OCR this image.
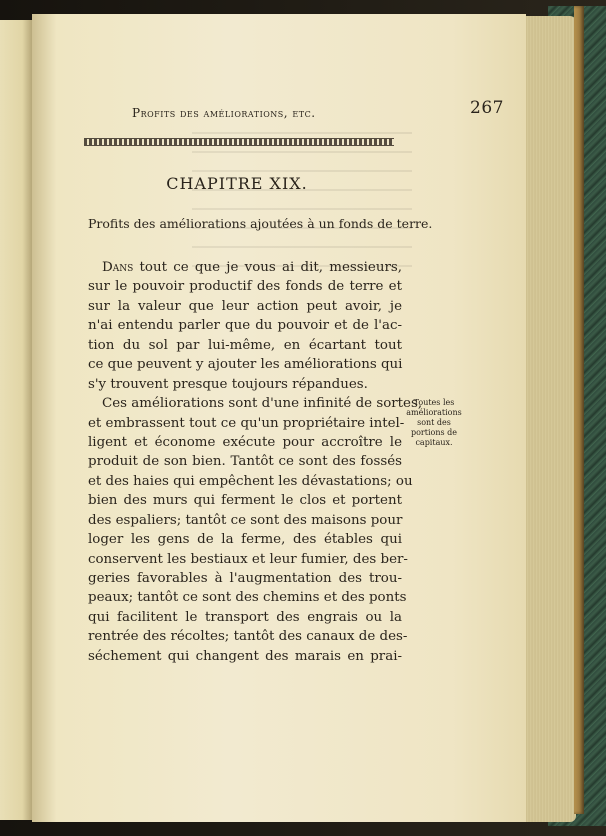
Profits des améliorations, etc.	267
CHAPITRE XIX.
Profits des améliorations ajoutées à un fonds de terre.
Dans tout ce que je vous ai dit, messieurs,
sur le pouvoir productif des fonds de terre et
sur la valeur que leur action peut avoir, je
n'ai entendu parler que du pouvoir et de l'ac-
tion du sol par lui-même, en écartant tout
ce que peuvent y ajouter les améliorations qui
s'y trouvent presque toujours répandues.
Ces améliorations sont d'une infinité de sortes,
et embrassent tout ce qu'un propriétaire intel-
ligent et économe exécute pour accroître le
produit de son bien. Tantôt ce sont des fossés
et des haies qui empêchent les dévastations; ou
bien des murs qui ferment le clos et portent
des espaliers; tantôt ce sont des maisons pour
loger les gens de la ferme, des étables qui
conservent les bestiaux et leur fumier, des ber-
geries favorables à l'augmentation des trou-
peaux; tantôt ce sont des chemins et des ponts
qui facilitent le transport des engrais ou la
rentrée des récoltes; tantôt des canaux de des-
séchement qui changent des marais en prai-
Toutes les
améliorations
sont des
portions de
capitaux.
